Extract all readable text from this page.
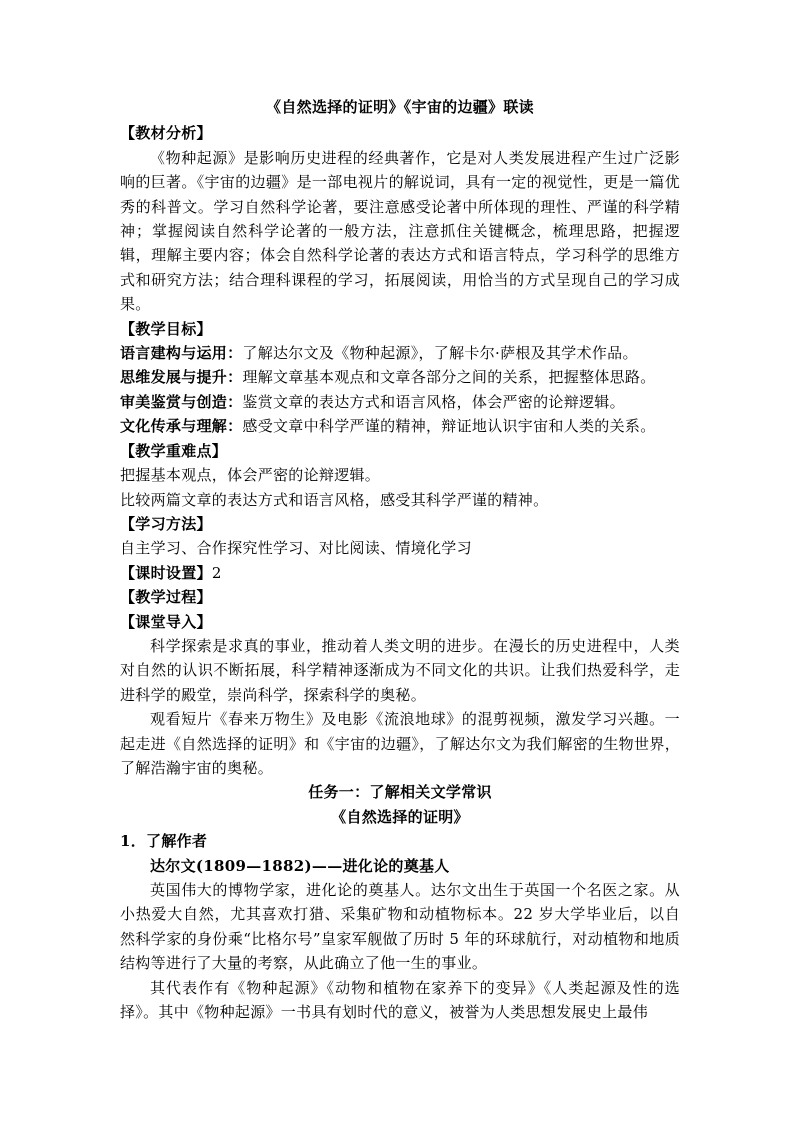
《自然选择的证明》《宇宙的边疆》联读
【教材分析】
《物种起源》是影响历史进程的经典著作，它是对人类发展进程产生过广泛影响的巨著。《宇宙的边疆》是一部电视片的解说词，具有一定的视觉性，更是一篇优秀的科普文。学习自然科学论著，要注意感受论著中所体现的理性、严谨的科学精神；掌握阅读自然科学论著的一般方法，注意抓住关键概念，梳理思路，把握逻辑，理解主要内容；体会自然科学论著的表达方式和语言特点，学习科学的思维方式和研究方法；结合理科课程的学习，拓展阅读，用恰当的方式呈现自己的学习成果。
【教学目标】
语言建构与运用：了解达尔文及《物种起源》，了解卡尔·萨根及其学术作品。
思维发展与提升：理解文章基本观点和文章各部分之间的关系，把握整体思路。
审美鉴赏与创造：鉴赏文章的表达方式和语言风格，体会严密的论辩逻辑。
文化传承与理解：感受文章中科学严谨的精神，辩证地认识宇宙和人类的关系。
【教学重难点】
把握基本观点，体会严密的论辩逻辑。
比较两篇文章的表达方式和语言风格，感受其科学严谨的精神。
【学习方法】
自主学习、合作探究性学习、对比阅读、情境化学习
【课时设置】2
【教学过程】
【课堂导入】
科学探索是求真的事业，推动着人类文明的进步。在漫长的历史进程中，人类对自然的认识不断拓展，科学精神逐渐成为不同文化的共识。让我们热爱科学，走进科学的殿堂，崇尚科学，探索科学的奥秘。
观看短片《春来万物生》及电影《流浪地球》的混剪视频，激发学习兴趣。一起走进《自然选择的证明》和《宇宙的边疆》，了解达尔文为我们解密的生物世界，了解浩瀚宇宙的奥秘。
任务一：了解相关文学常识
《自然选择的证明》
1．了解作者
达尔文(1809—1882)——进化论的奠基人
英国伟大的博物学家，进化论的奠基人。达尔文出生于英国一个名医之家。从小热爱大自然，尤其喜欢打猎、采集矿物和动植物标本。22 岁大学毕业后，以自然科学家的身份乘“比格尔号”皇家军舰做了历时 5 年的环球航行，对动植物和地质结构等进行了大量的考察，从此确立了他一生的事业。
其代表作有《物种起源》《动物和植物在家养下的变异》《人类起源及性的选择》。其中《物种起源》一书具有划时代的意义，被誉为人类思想发展史上最伟
